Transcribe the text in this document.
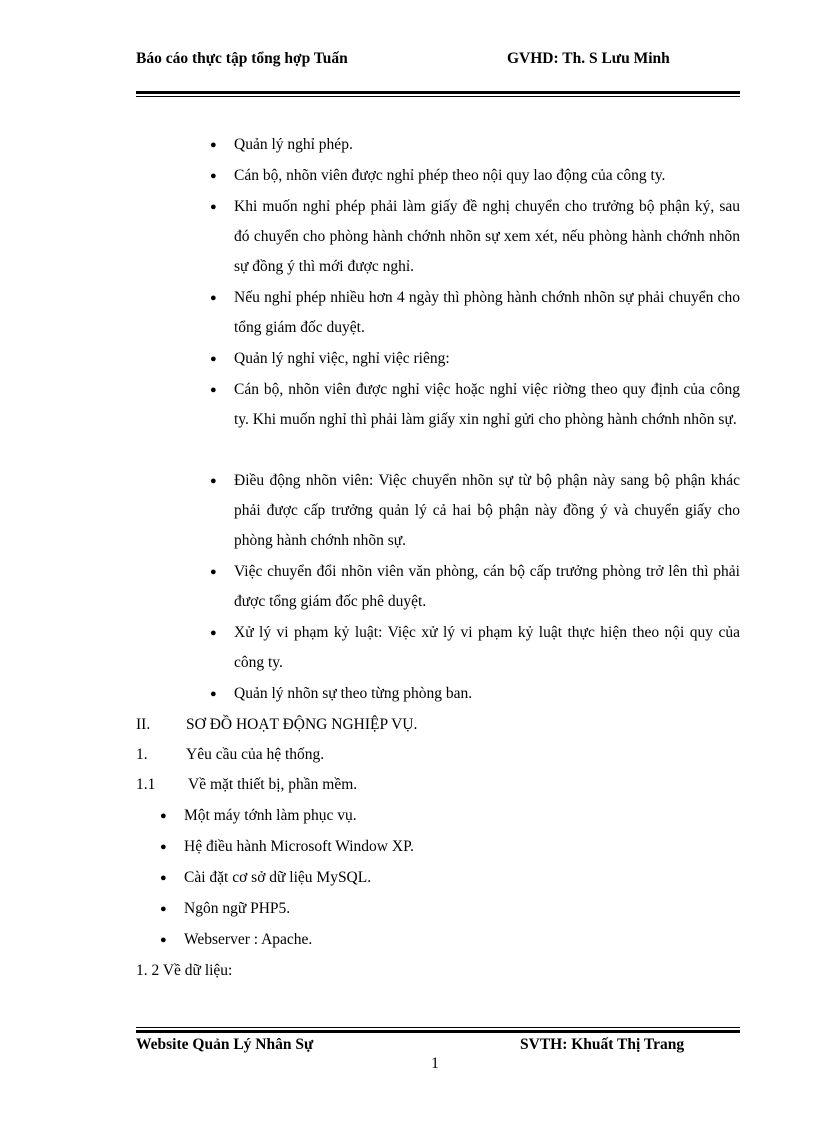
Báo cáo thực tập tổng hợp Tuấn	GVHD: Th. S Lưu Minh
●	Quản lý nghỉ phép.
●	Cán bộ, nhõn viên được nghỉ phép theo nội quy lao động của công ty.
●	Khi muốn nghỉ phép phải làm giấy đề nghị chuyển cho trưởng bộ phận ký, sau đó chuyển cho phòng hành chớnh nhõn sự xem xét, nếu phòng hành chớnh nhõn sự đồng ý thì mới được nghỉ.
●	Nếu nghỉ phép nhiều hơn 4 ngày thì phòng hành chớnh nhõn sự phải chuyển cho tổng giám đốc duyệt.
●	Quản lý nghỉ việc, nghỉ việc riêng:
●	Cán bộ, nhõn viên được nghỉ việc hoặc nghỉ việc riờng theo quy định của công ty. Khi muốn nghỉ thì phải làm giấy xin nghỉ gửi cho phòng hành chớnh nhõn sự.
●	Điều động nhõn viên: Việc chuyển nhõn sự từ bộ phận này sang bộ phận khác phải được cấp trưởng quản lý cả hai bộ phận này đồng ý và chuyển giấy cho phòng hành chớnh nhõn sự.
●	Việc chuyển đổi nhõn viên văn phòng, cán bộ cấp trưởng phòng trở lên thì phải được tổng giám đốc phê duyệt.
●	Xử lý vi phạm kỷ luật: Việc xử lý vi phạm kỷ luật thực hiện theo nội quy của công ty.
●	Quản lý nhõn sự theo từng phòng ban.
II. SƠ ĐỒ HOẠT ĐỘNG NGHIỆP VỤ.
1. Yêu cầu của hệ thống.
1.1 Về mặt thiết bị, phần mềm.
●	Một máy tớnh làm phục vụ.
●	Hệ điều hành Microsoft Window XP.
●	Cài đặt cơ sở dữ liệu MySQL.
●	Ngôn ngữ PHP5.
●	Webserver : Apache.
1. 2 Về dữ liệu:
Website Quản Lý Nhân Sự	SVTH: Khuất Thị Trang
1
